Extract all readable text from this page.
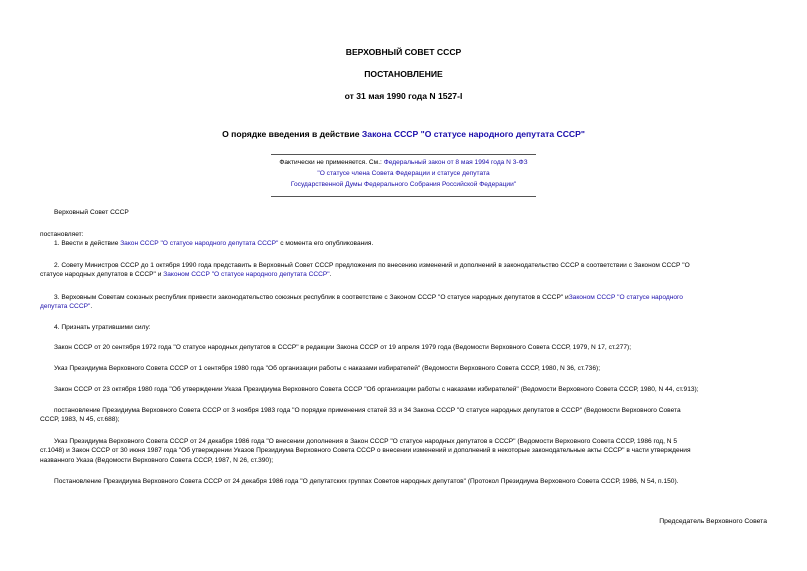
ВЕРХОВНЫЙ СОВЕТ СССР
ПОСТАНОВЛЕНИЕ
от 31 мая 1990 года N 1527-I
О порядке введения в действие Закона СССР "О статусе народного депутата СССР"
Фактически не применяется. См.: Федеральный закон от 8 мая 1994 года N 3-ФЗ
"О статусе члена Совета Федерации и статусе депутата
Государственной Думы Федерального Собрания Российской Федерации"
Верховный Совет СССР
постановляет:
1. Ввести в действие Закон СССР "О статусе народного депутата СССР" с момента его опубликования.
2. Совету Министров СССР до 1 октября 1990 года представить в Верховный Совет СССР предложения по внесению изменений и дополнений в законодательство СССР в соответствии с Законом СССР "О
статусе народных депутатов в СССР" и Законом СССР "О статусе народного депутата СССР".
3. Верховным Советам союзных республик привести законодательство союзных республик в соответствие с Законом СССР "О статусе народных депутатов в СССР" иЗаконом СССР "О статусе народного
депутата СССР".
4. Признать утратившими силу:
Закон СССР от 20 сентября 1972 года "О статусе народных депутатов в СССР" в редакции Закона СССР от 19 апреля 1979 года (Ведомости Верховного Совета СССР, 1979, N 17, ст.277);
Указ Президиума Верховного Совета СССР от 1 сентября 1980 года "Об организации работы с наказами избирателей" (Ведомости Верховного Совета СССР, 1980, N 36, ст.736);
Закон СССР от 23 октября 1980 года "Об утверждении Указа Президиума Верховного Совета СССР "Об организации работы с наказами избирателей" (Ведомости Верховного Совета СССР, 1980, N 44, ст.913);
постановление Президиума Верховного Совета СССР от 3 ноября 1983 года "О порядке применения статей 33 и 34 Закона СССР "О статусе народных депутатов в СССР" (Ведомости Верховного Совета
СССР, 1983, N 45, ст.688);
Указ Президиума Верховного Совета СССР от 24 декабря 1986 года "О внесении дополнения в Закон СССР "О статусе народных депутатов в СССР" (Ведомости Верховного Совета СССР, 1986 год, N 5
ст.1048) и Закон СССР от 30 июня 1987 года "Об утверждении Указов Президиума Верховного Совета СССР о внесении изменений и дополнений в некоторые законодательные акты СССР" в части утверждения
названного Указа (Ведомости Верховного Совета СССР, 1987, N 26, ст.390);
Постановление Президиума Верховного Совета СССР от 24 декабря 1986 года "О депутатских группах Советов народных депутатов" (Протокол Президиума Верховного Совета СССР, 1986, N 54, п.150).
Председатель Верховного Совета
